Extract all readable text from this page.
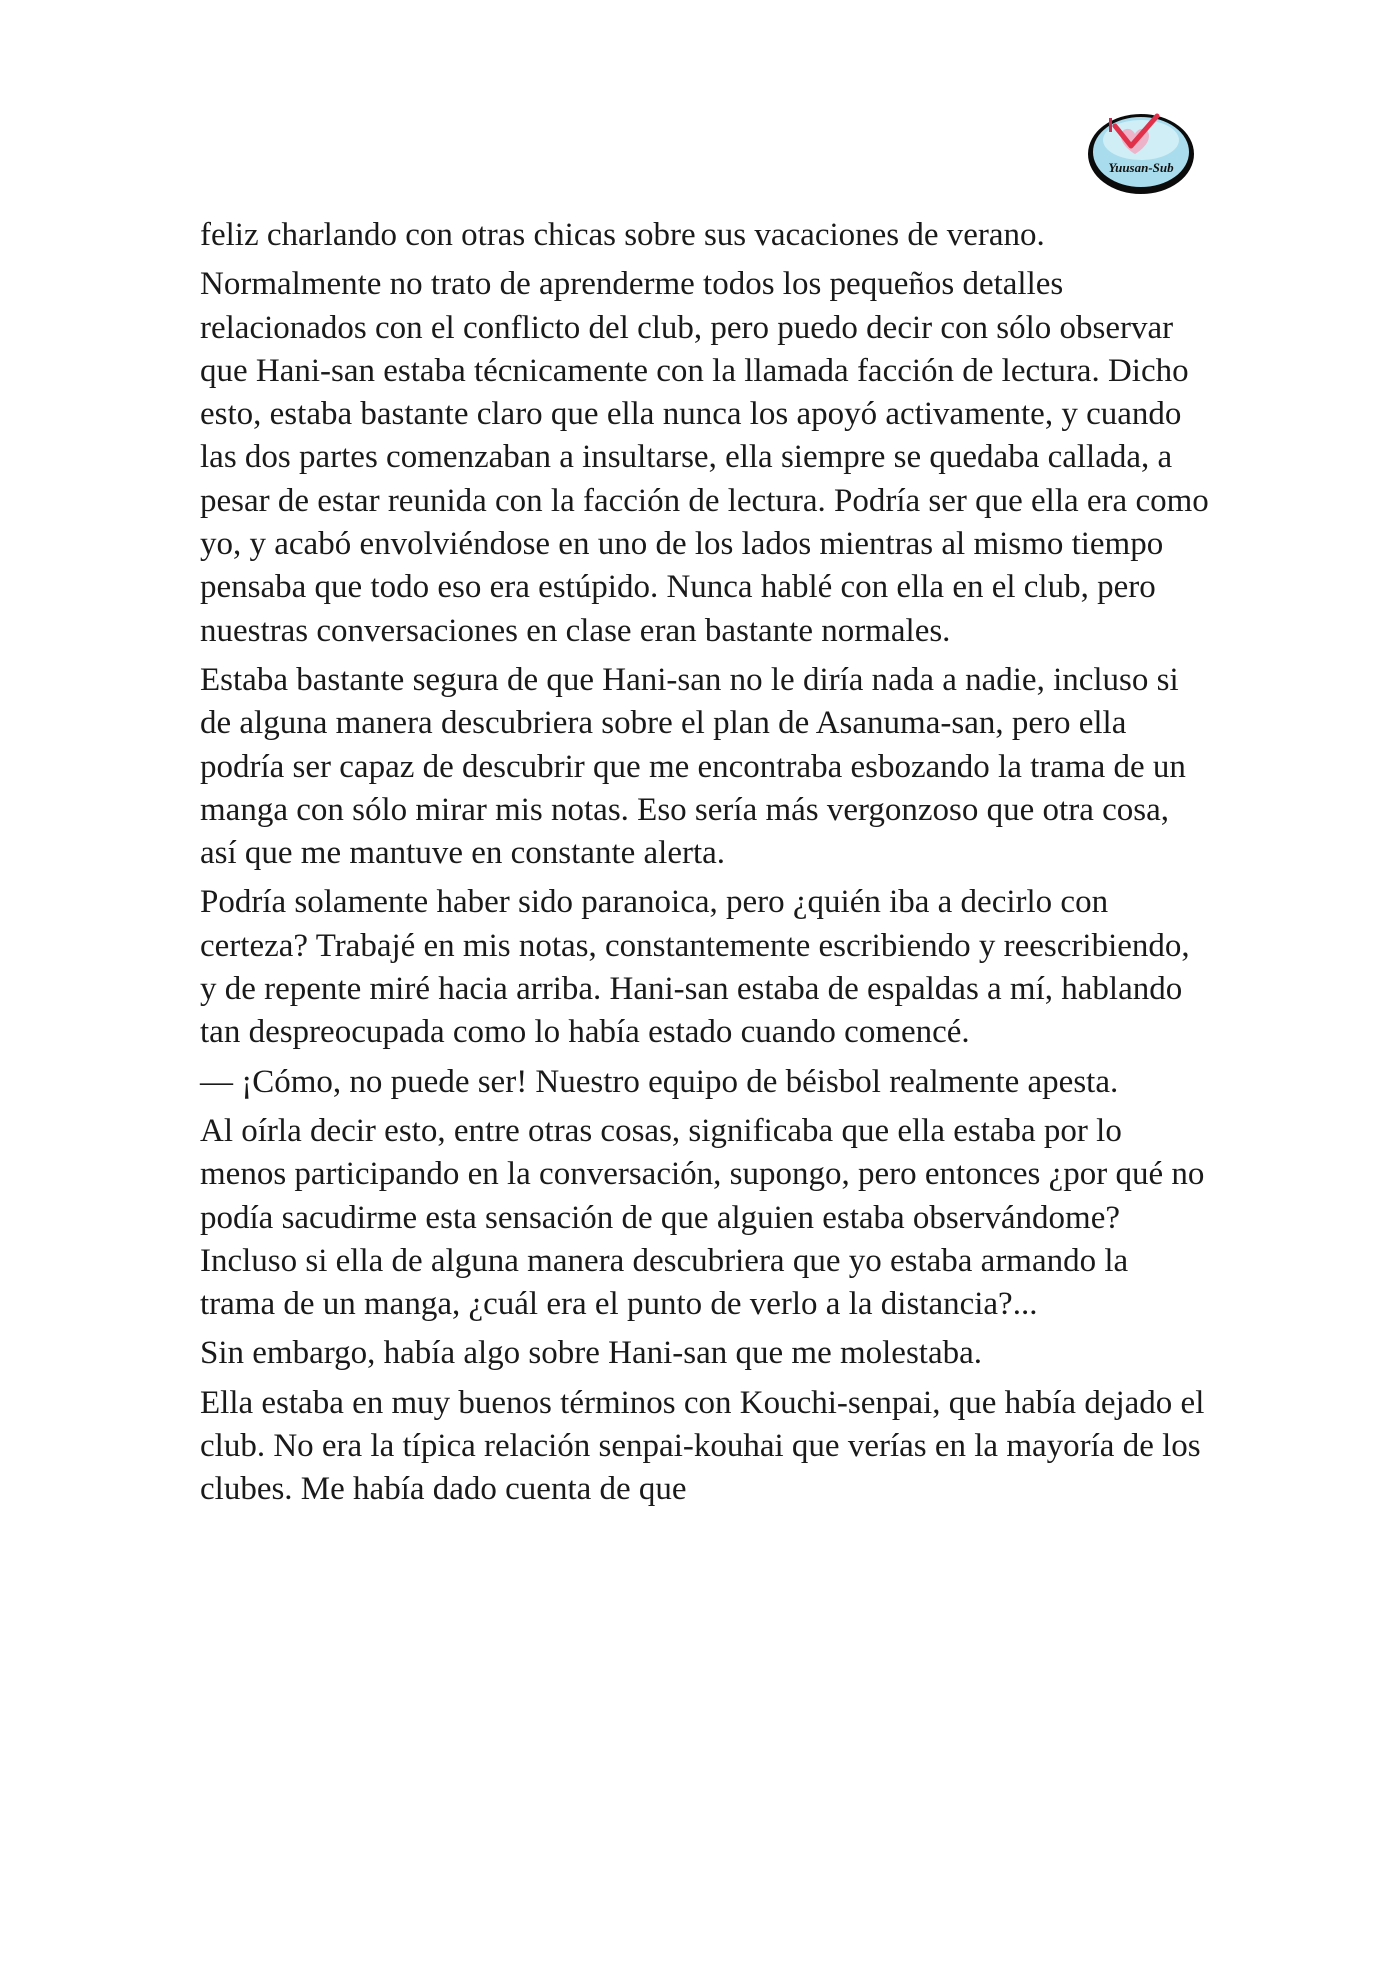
Yuusan-Sub

feliz charlando con otras chicas sobre sus vacaciones de verano.

Normalmente no trato de aprenderme todos los pequeños detalles relacionados con el conflicto del club, pero puedo decir con sólo observar que Hani-san estaba técnicamente con la llamada facción de lectura. Dicho esto, estaba bastante claro que ella nunca los apoyó activamente, y cuando las dos partes comenzaban a insultarse, ella siempre se quedaba callada, a pesar de estar reunida con la facción de lectura. Podría ser que ella era como yo, y acabó envolviéndose en uno de los lados mientras al mismo tiempo pensaba que todo eso era estúpido. Nunca hablé con ella en el club, pero nuestras conversaciones en clase eran bastante normales.

Estaba bastante segura de que Hani-san no le diría nada a nadie, incluso si de alguna manera descubriera sobre el plan de Asanuma-san, pero ella podría ser capaz de descubrir que me encontraba esbozando la trama de un manga con sólo mirar mis notas. Eso sería más vergonzoso que otra cosa, así que me mantuve en constante alerta.

Podría solamente haber sido paranoica, pero ¿quién iba a decirlo con certeza? Trabajé en mis notas, constantemente escribiendo y reescribiendo, y de repente miré hacia arriba. Hani-san estaba de espaldas a mí, hablando tan despreocupada como lo había estado cuando comencé.

— ¡Cómo, no puede ser! Nuestro equipo de béisbol realmente apesta.

Al oírla decir esto, entre otras cosas, significaba que ella estaba por lo menos participando en la conversación, supongo, pero entonces ¿por qué no podía sacudirme esta sensación de que alguien estaba observándome? Incluso si ella de alguna manera descubriera que yo estaba armando la trama de un manga, ¿cuál era el punto de verlo a la distancia?...

Sin embargo, había algo sobre Hani-san que me molestaba.

Ella estaba en muy buenos términos con Kouchi-senpai, que había dejado el club. No era la típica relación senpai-kouhai que verías en la mayoría de los clubes. Me había dado cuenta de que
